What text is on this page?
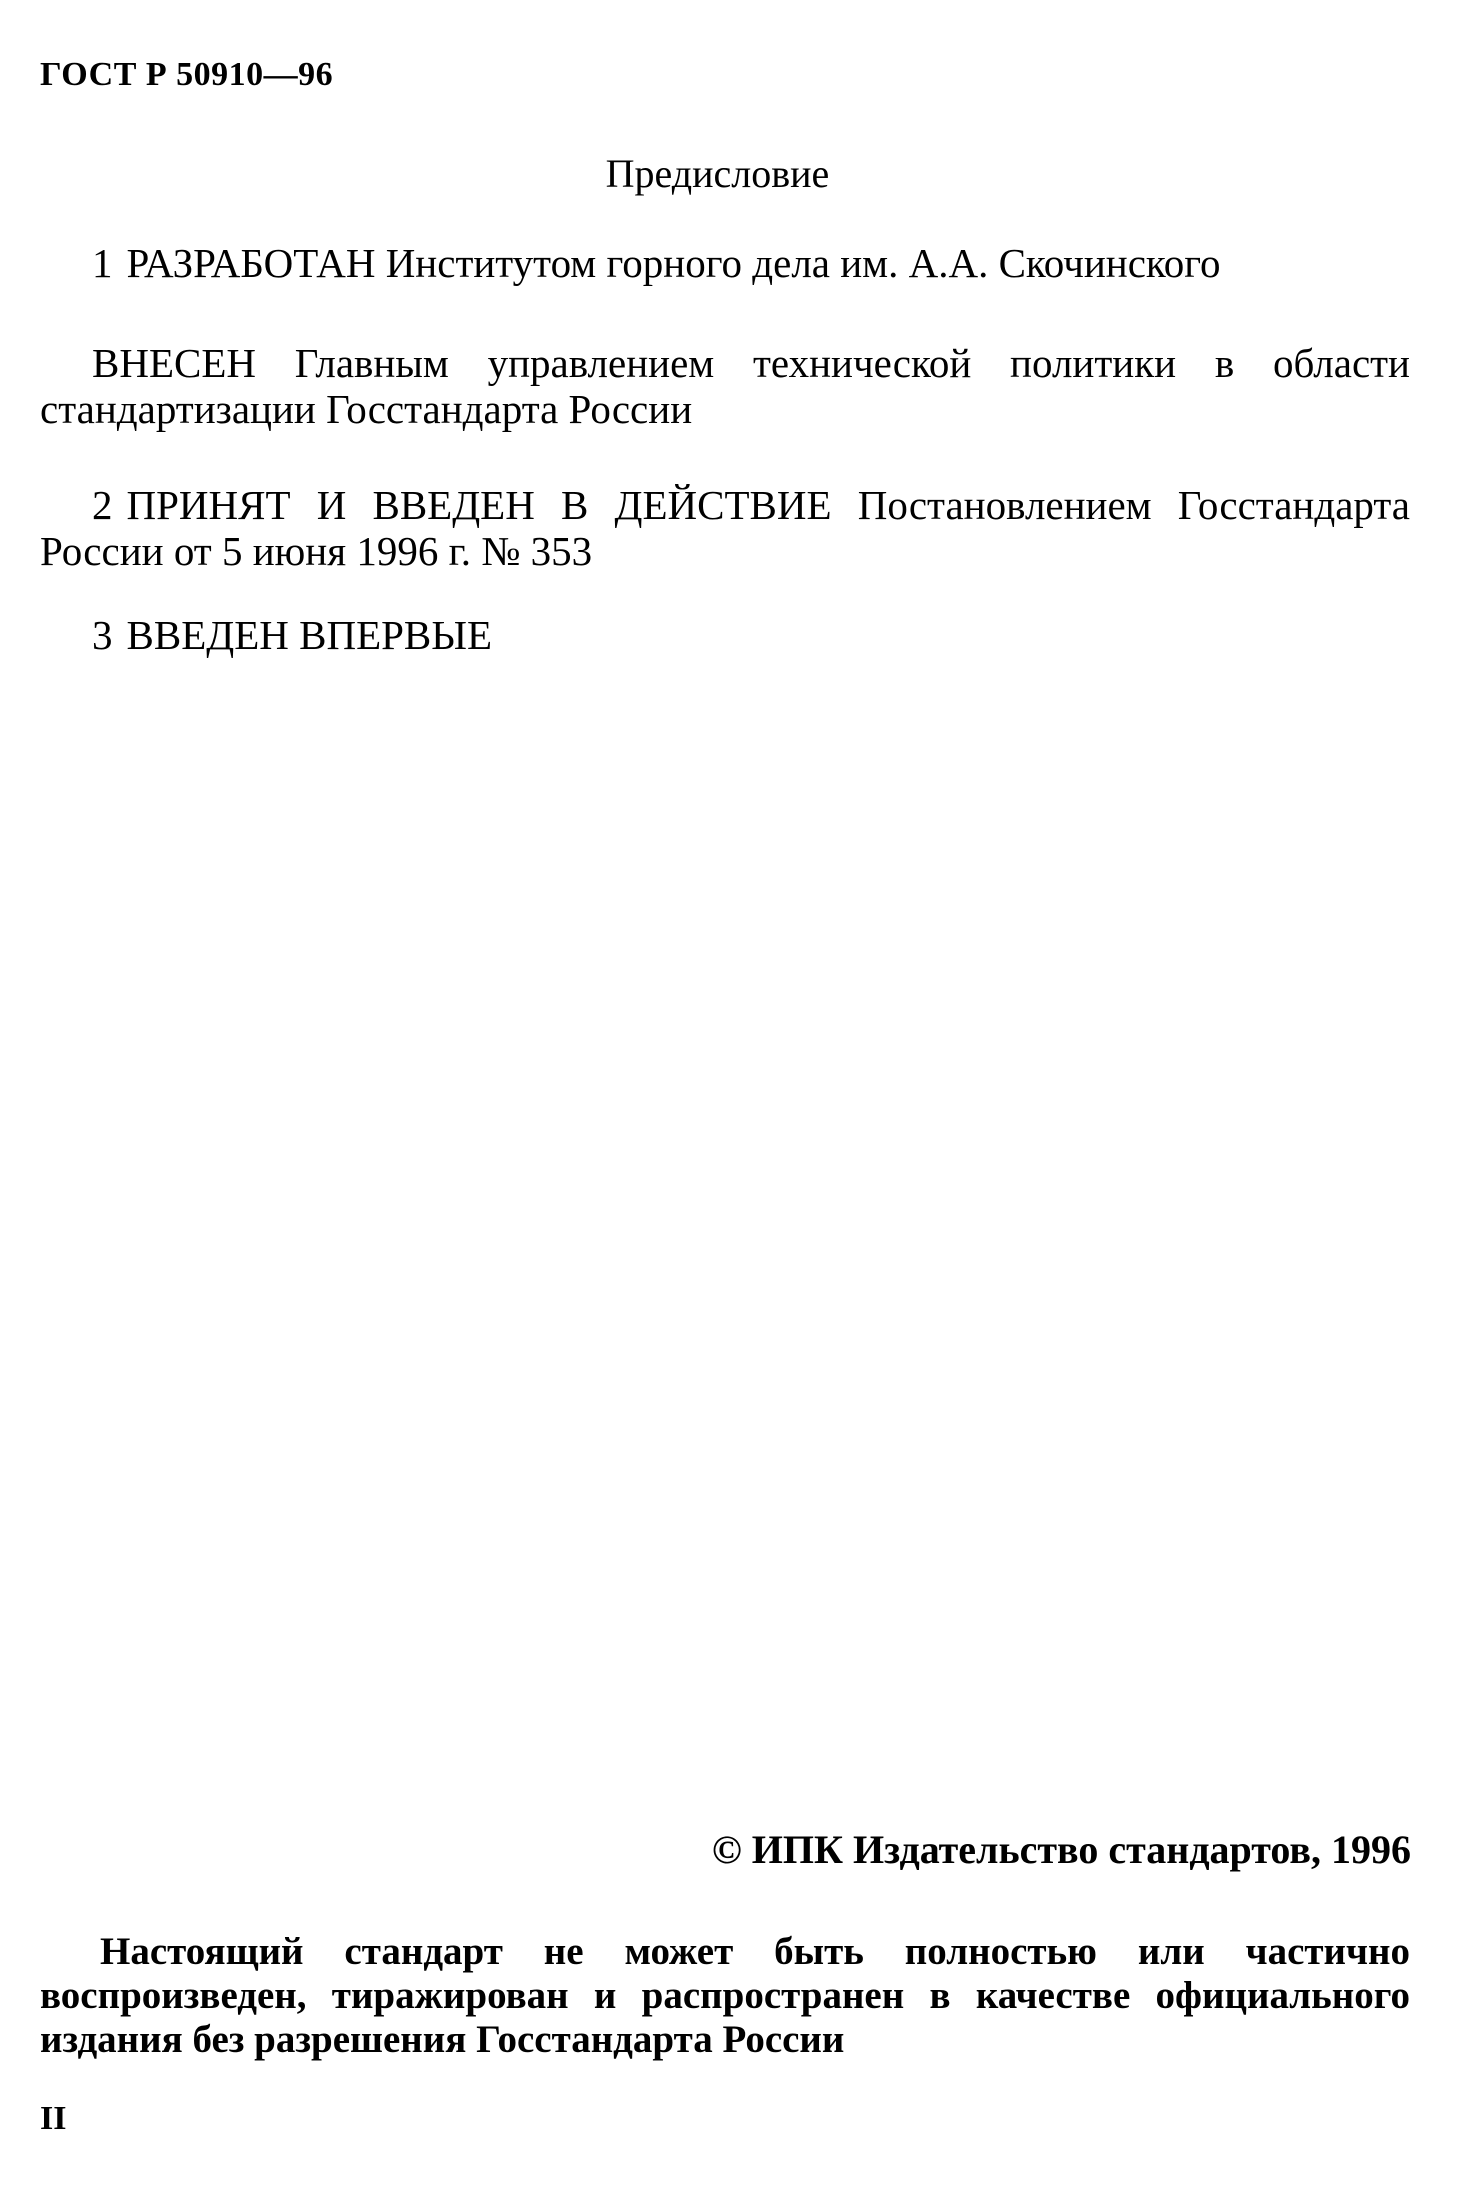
ГОСТ Р 50910—96
Предисловие

1 РАЗРАБОТАН Институтом горного дела им. А.А. Скочинского

ВНЕСЕН Главным управлением технической политики в области стандартизации Госстандарта России

2 ПРИНЯТ И ВВЕДЕН В ДЕЙСТВИЕ Постановлением Госстандарта России от 5 июня 1996 г. № 353

3 ВВЕДЕН ВПЕРВЫЕ

© ИПК Издательство стандартов, 1996

Настоящий стандарт не может быть полностью или частично воспроизведен, тиражирован и распространен в качестве официального издания без разрешения Госстандарта России

II
